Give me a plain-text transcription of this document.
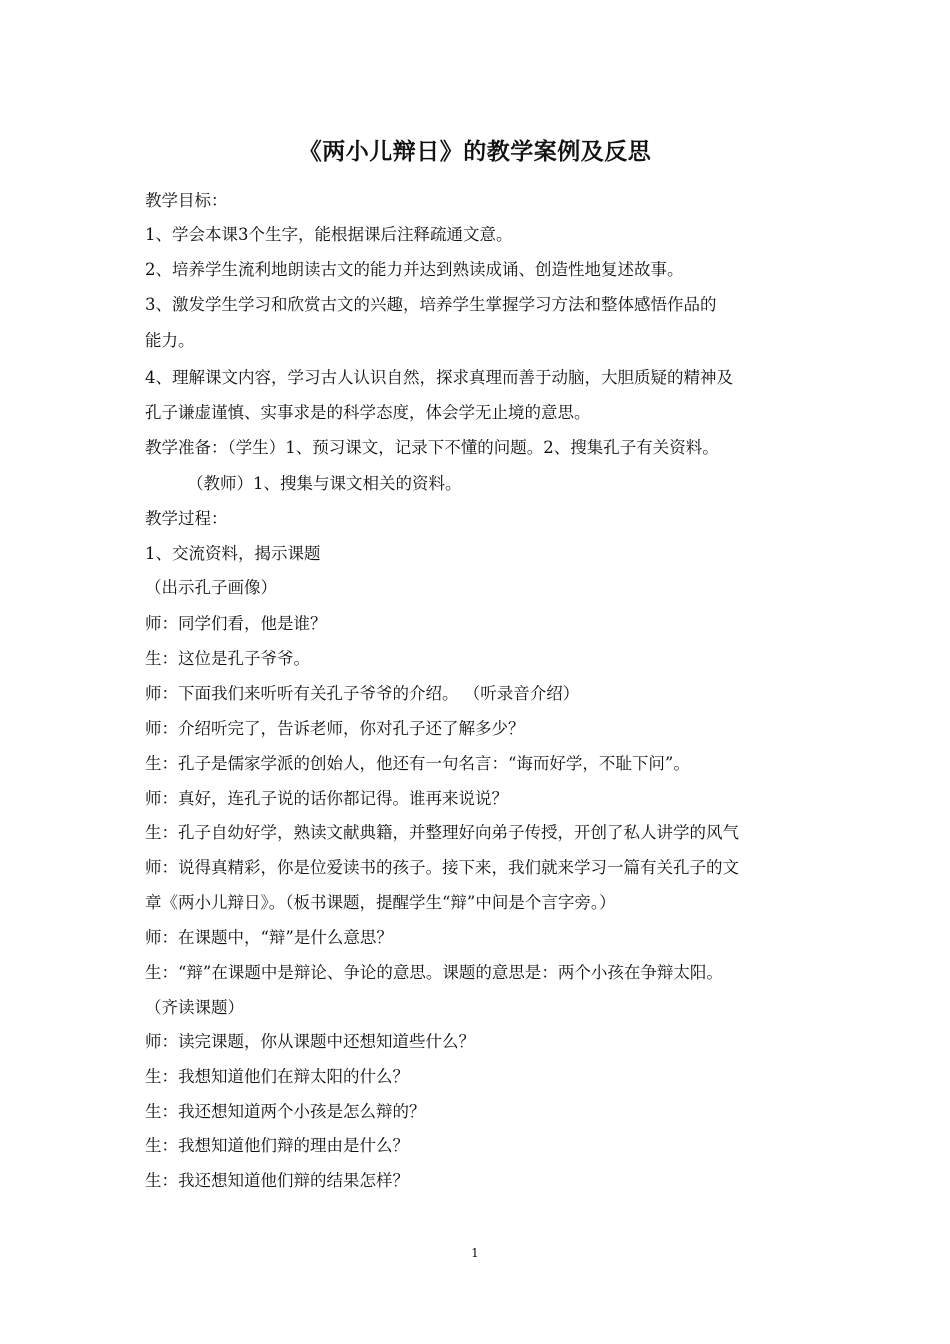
《两小儿辩日》的教学案例及反思
教学目标：
1、学会本课3个生字，能根据课后注释疏通文意。
2、培养学生流利地朗读古文的能力并达到熟读成诵、创造性地复述故事。
3、激发学生学习和欣赏古文的兴趣，培养学生掌握学习方法和整体感悟作品的
能力。
4、理解课文内容，学习古人认识自然，探求真理而善于动脑，大胆质疑的精神及
孔子谦虚谨慎、实事求是的科学态度，体会学无止境的意思。
教学准备：（学生）1、预习课文，记录下不懂的问题。2、搜集孔子有关资料。
（教师）1、搜集与课文相关的资料。
教学过程：
1、交流资料，揭示课题
（出示孔子画像）
师：同学们看，他是谁？
生：这位是孔子爷爷。
师：下面我们来听听有关孔子爷爷的介绍。 （听录音介绍）
师：介绍听完了，告诉老师，你对孔子还了解多少？
生：孔子是儒家学派的创始人，他还有一句名言：“诲而好学，不耻下问”。
师：真好，连孔子说的话你都记得。谁再来说说？
生：孔子自幼好学，熟读文献典籍，并整理好向弟子传授，开创了私人讲学的风气
师：说得真精彩，你是位爱读书的孩子。接下来，我们就来学习一篇有关孔子的文
章《两小儿辩日》。（板书课题，提醒学生“辩”中间是个言字旁。）
师：在课题中，“辩”是什么意思？
生：“辩”在课题中是辩论、争论的意思。课题的意思是：两个小孩在争辩太阳。
（齐读课题）
师：读完课题，你从课题中还想知道些什么？
生：我想知道他们在辩太阳的什么？
生：我还想知道两个小孩是怎么辩的？
生：我想知道他们辩的理由是什么？
生：我还想知道他们辩的结果怎样？
1
